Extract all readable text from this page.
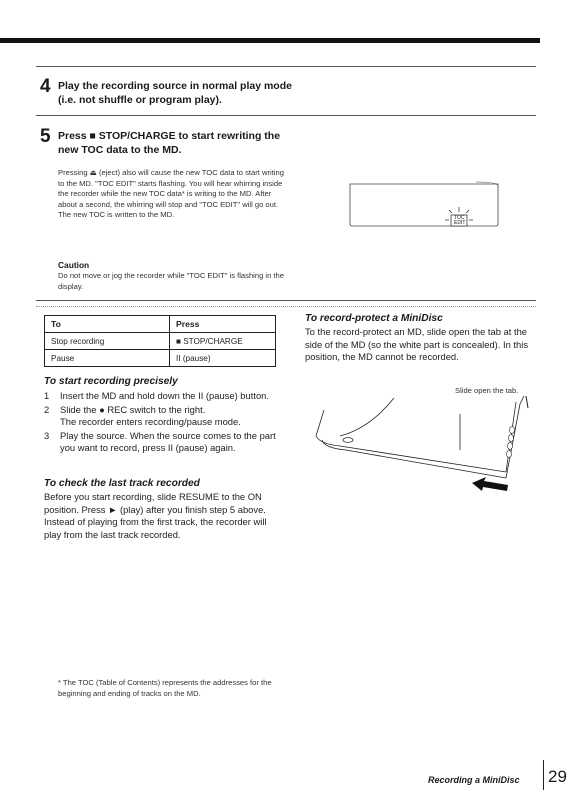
4 Play the recording source in normal play mode (i.e. not shuffle or program play).
5 Press ■ STOP/CHARGE to start rewriting the new TOC data to the MD.
Pressing ⏏ (eject) also will cause the new TOC data to start writing to the MD. "TOC EDIT" starts flashing. You will hear whirring inside the recorder while the new TOC data* is writing to the MD. After about a second, the whirring will stop and "TOC EDIT" will go out. The new TOC is written to the MD.
Caution
Do not move or jog the recorder while "TOC EDIT" is flashing in the display.
TOC
EDIT
To	Press
Stop recording	■ STOP/CHARGE
Pause	II (pause)
To start recording precisely
1 Insert the MD and hold down the II (pause) button.
2 Slide the ● REC switch to the right.
The recorder enters recording/pause mode.
3 Play the source. When the source comes to the part you want to record, press II (pause) again.
To check the last track recorded
Before you start recording, slide RESUME to the ON position. Press ► (play) after you finish step 5 above. Instead of playing from the first track, the recorder will play from the last track recorded.
To record-protect a MiniDisc
To the record-protect an MD, slide open the tab at the side of the MD (so the white part is concealed). In this position, the MD cannot be recorded.
Slide open the tab.
* The TOC (Table of Contents) represents the addresses for the beginning and ending of tracks on the MD.
Recording a MiniDisc 29
